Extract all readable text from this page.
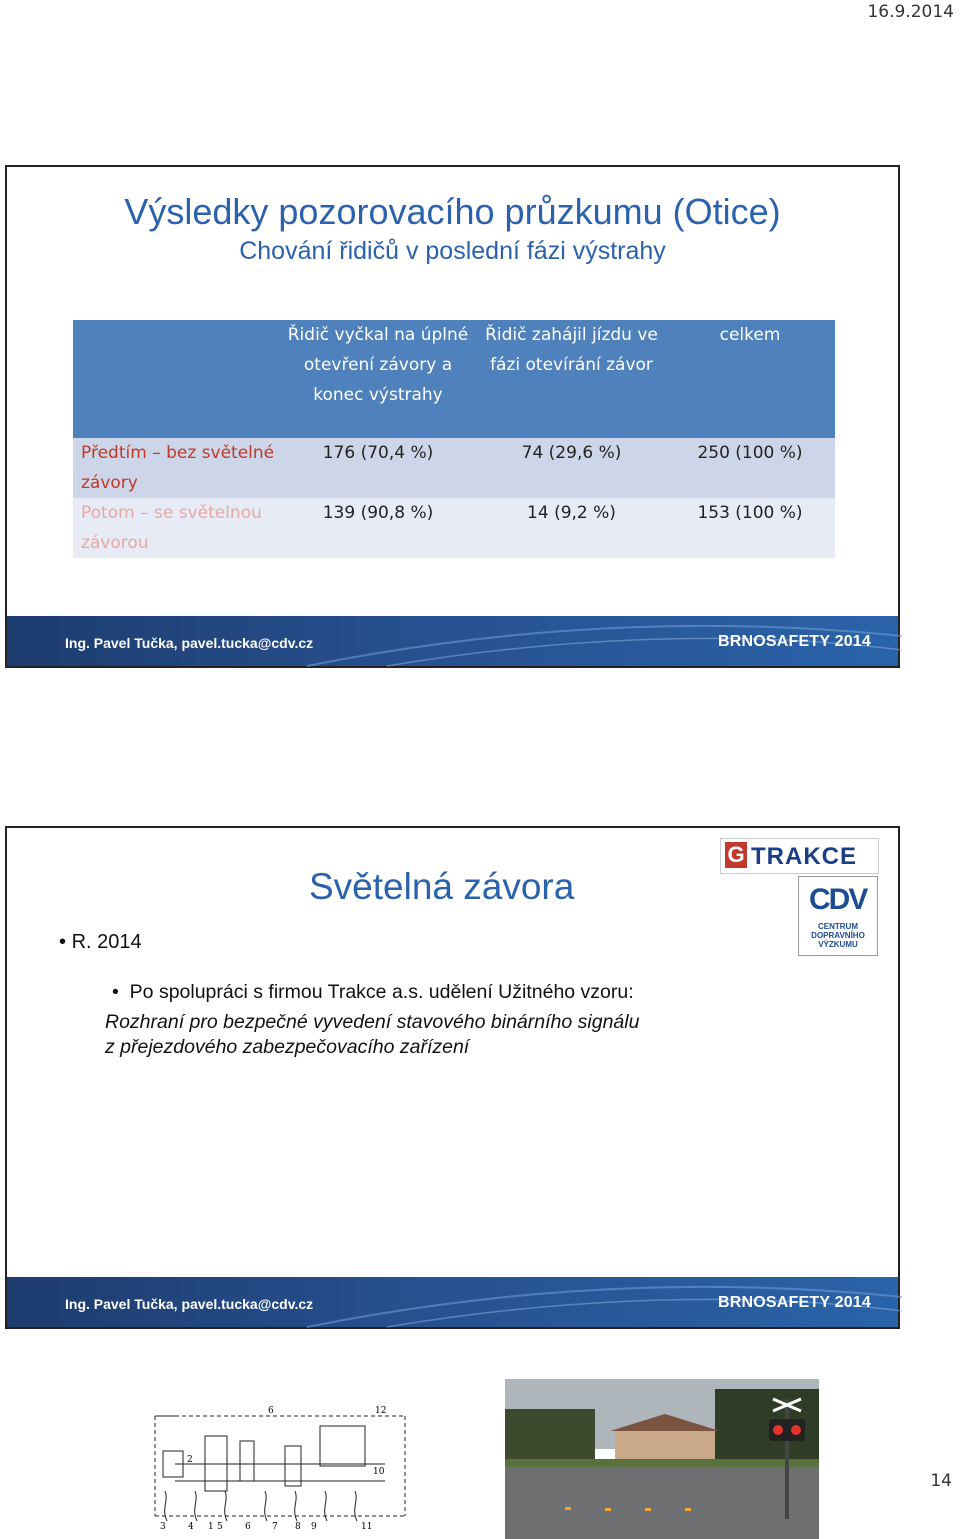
16.9.2014
Výsledky pozorovacího průzkumu (Otice)
Chování řidičů v poslední fázi výstrahy
	Řidič vyčkal na úplné otevření závory a konec výstrahy	Řidič zahájil jízdu ve fázi otevírání závor	celkem
Předtím – bez světelné závory	176 (70,4 %)	74 (29,6 %)	250 (100 %)
Potom – se světelnou závorou	139 (90,8 %)	14 (9,2 %)	153 (100 %)
Ing. Pavel Tučka, pavel.tucka@cdv.cz	BRNOSAFETY 2014
• R. 2014
Světelná závora
G TRAKCE
CDV
CENTRUM DOPRAVNÍHO VÝZKUMU
•  Po spolupráci s firmou Trakce a.s. udělení Užitného vzoru:
Rozhraní pro bezpečné vyvedení stavového binárního signálu
z přejezdového zabezpečovacího zařízení
6	12
10
2
3 4 1 5 6 7 8 9	11
Ing. Pavel Tučka, pavel.tucka@cdv.cz	BRNOSAFETY 2014
14
